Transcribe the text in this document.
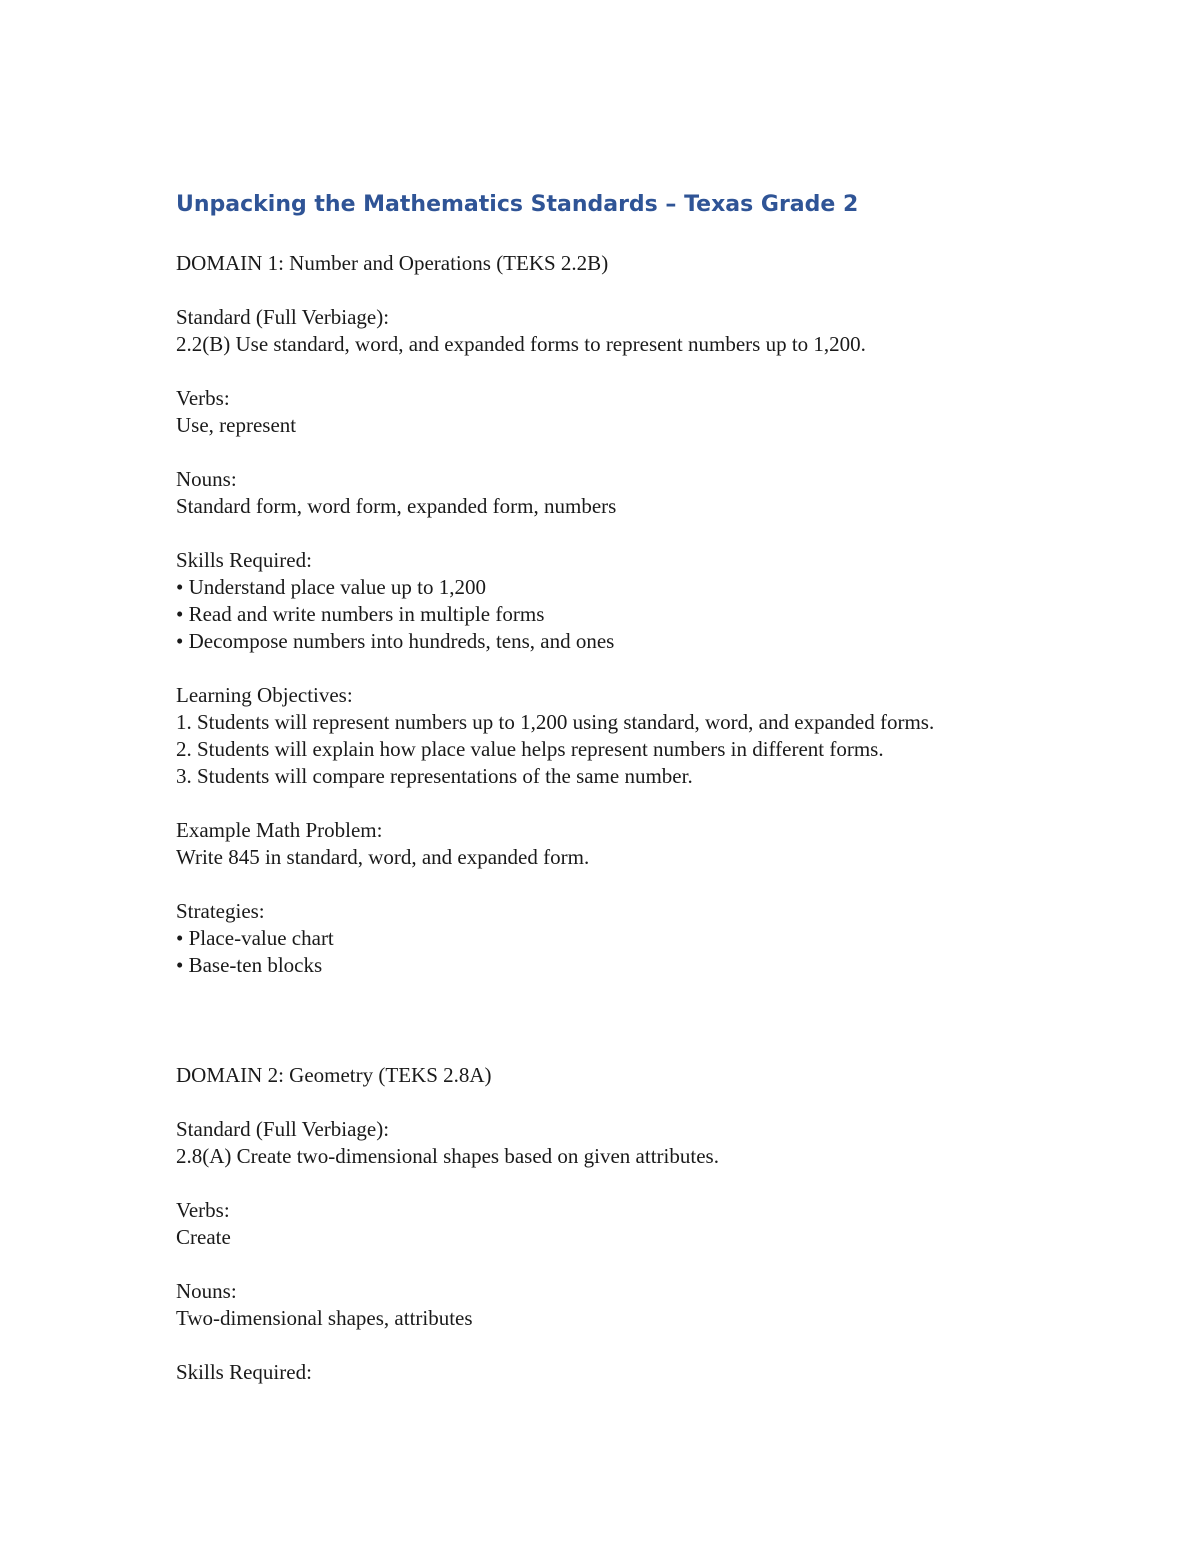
Unpacking the Mathematics Standards – Texas Grade 2
DOMAIN 1: Number and Operations (TEKS 2.2B)
Standard (Full Verbiage):
2.2(B) Use standard, word, and expanded forms to represent numbers up to 1,200.
Verbs:
Use, represent
Nouns:
Standard form, word form, expanded form, numbers
Skills Required:
• Understand place value up to 1,200
• Read and write numbers in multiple forms
• Decompose numbers into hundreds, tens, and ones
Learning Objectives:
1. Students will represent numbers up to 1,200 using standard, word, and expanded forms.
2. Students will explain how place value helps represent numbers in different forms.
3. Students will compare representations of the same number.
Example Math Problem:
Write 845 in standard, word, and expanded form.
Strategies:
• Place-value chart
• Base-ten blocks
DOMAIN 2: Geometry (TEKS 2.8A)
Standard (Full Verbiage):
2.8(A) Create two-dimensional shapes based on given attributes.
Verbs:
Create
Nouns:
Two-dimensional shapes, attributes
Skills Required:
